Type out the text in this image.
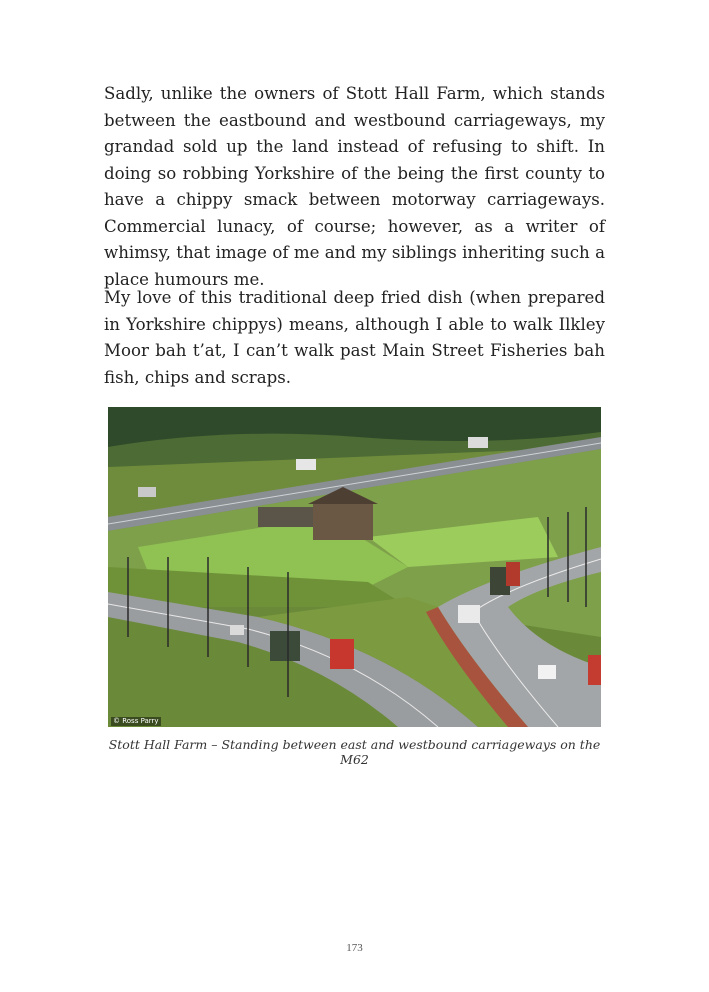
Sadly, unlike the owners of Stott Hall Farm, which stands between the eastbound and westbound carriageways, my grandad sold up the land instead of refusing to shift. In doing so robbing Yorkshire of the being the first county to have a chippy smack between motorway carriageways. Commercial lunacy, of course; however, as a writer of whimsy, that image of me and my siblings inheriting such a place humours me.

My love of this traditional deep fried dish (when prepared in Yorkshire chippys) means, although I able to walk Ilkley Moor bah t’at, I can’t walk past Main Street Fisheries bah fish, chips and scraps.

© Ross Parry
Stott Hall Farm – Standing between east and westbound carriageways on the M62
173
